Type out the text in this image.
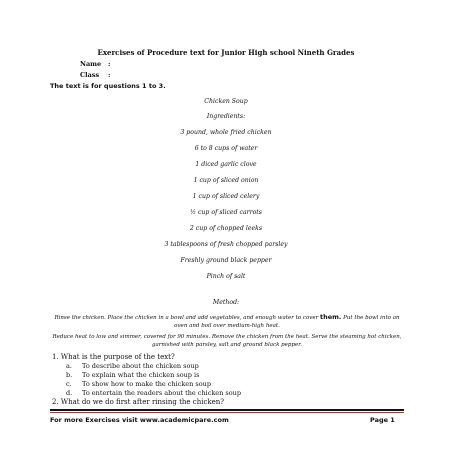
Exercises of Procedure text for Junior High school Nineth Grades
Name :
Class :
The text is for questions 1 to 3.
Chicken Soup
Ingredients:
3 pound, whole fried chicken
6 to 8 cups of water
1 diced garlic clove
1 cup of sliced onion
1 cup of sliced celery
½ cup of sliced carrots
2 cup of chopped leeks
3 tablespoons of fresh chopped parsley
Freshly ground black pepper
Pinch of salt
Method:
Rinse the chicken. Place the chicken in a bowl and add vegetables, and enough water to cover them. Put the bowl into an oven and boil over medium-high heat.
Reduce heat to low and simmer, covered for 90 minutes. Remove the chicken from the heat. Serve the steaming hot chicken, garnished with parsley, salt and ground black pepper.
1. What is the purpose of the text?
a. To describe about the chicken soup
b. To explain what the chicken soup is
c. To show how to make the chicken soup
For more Exercises visit www.academicpare.com	Page 1
d. To entertain the readers about the chicken soup
2. What do we do first after rinsing the chicken?
